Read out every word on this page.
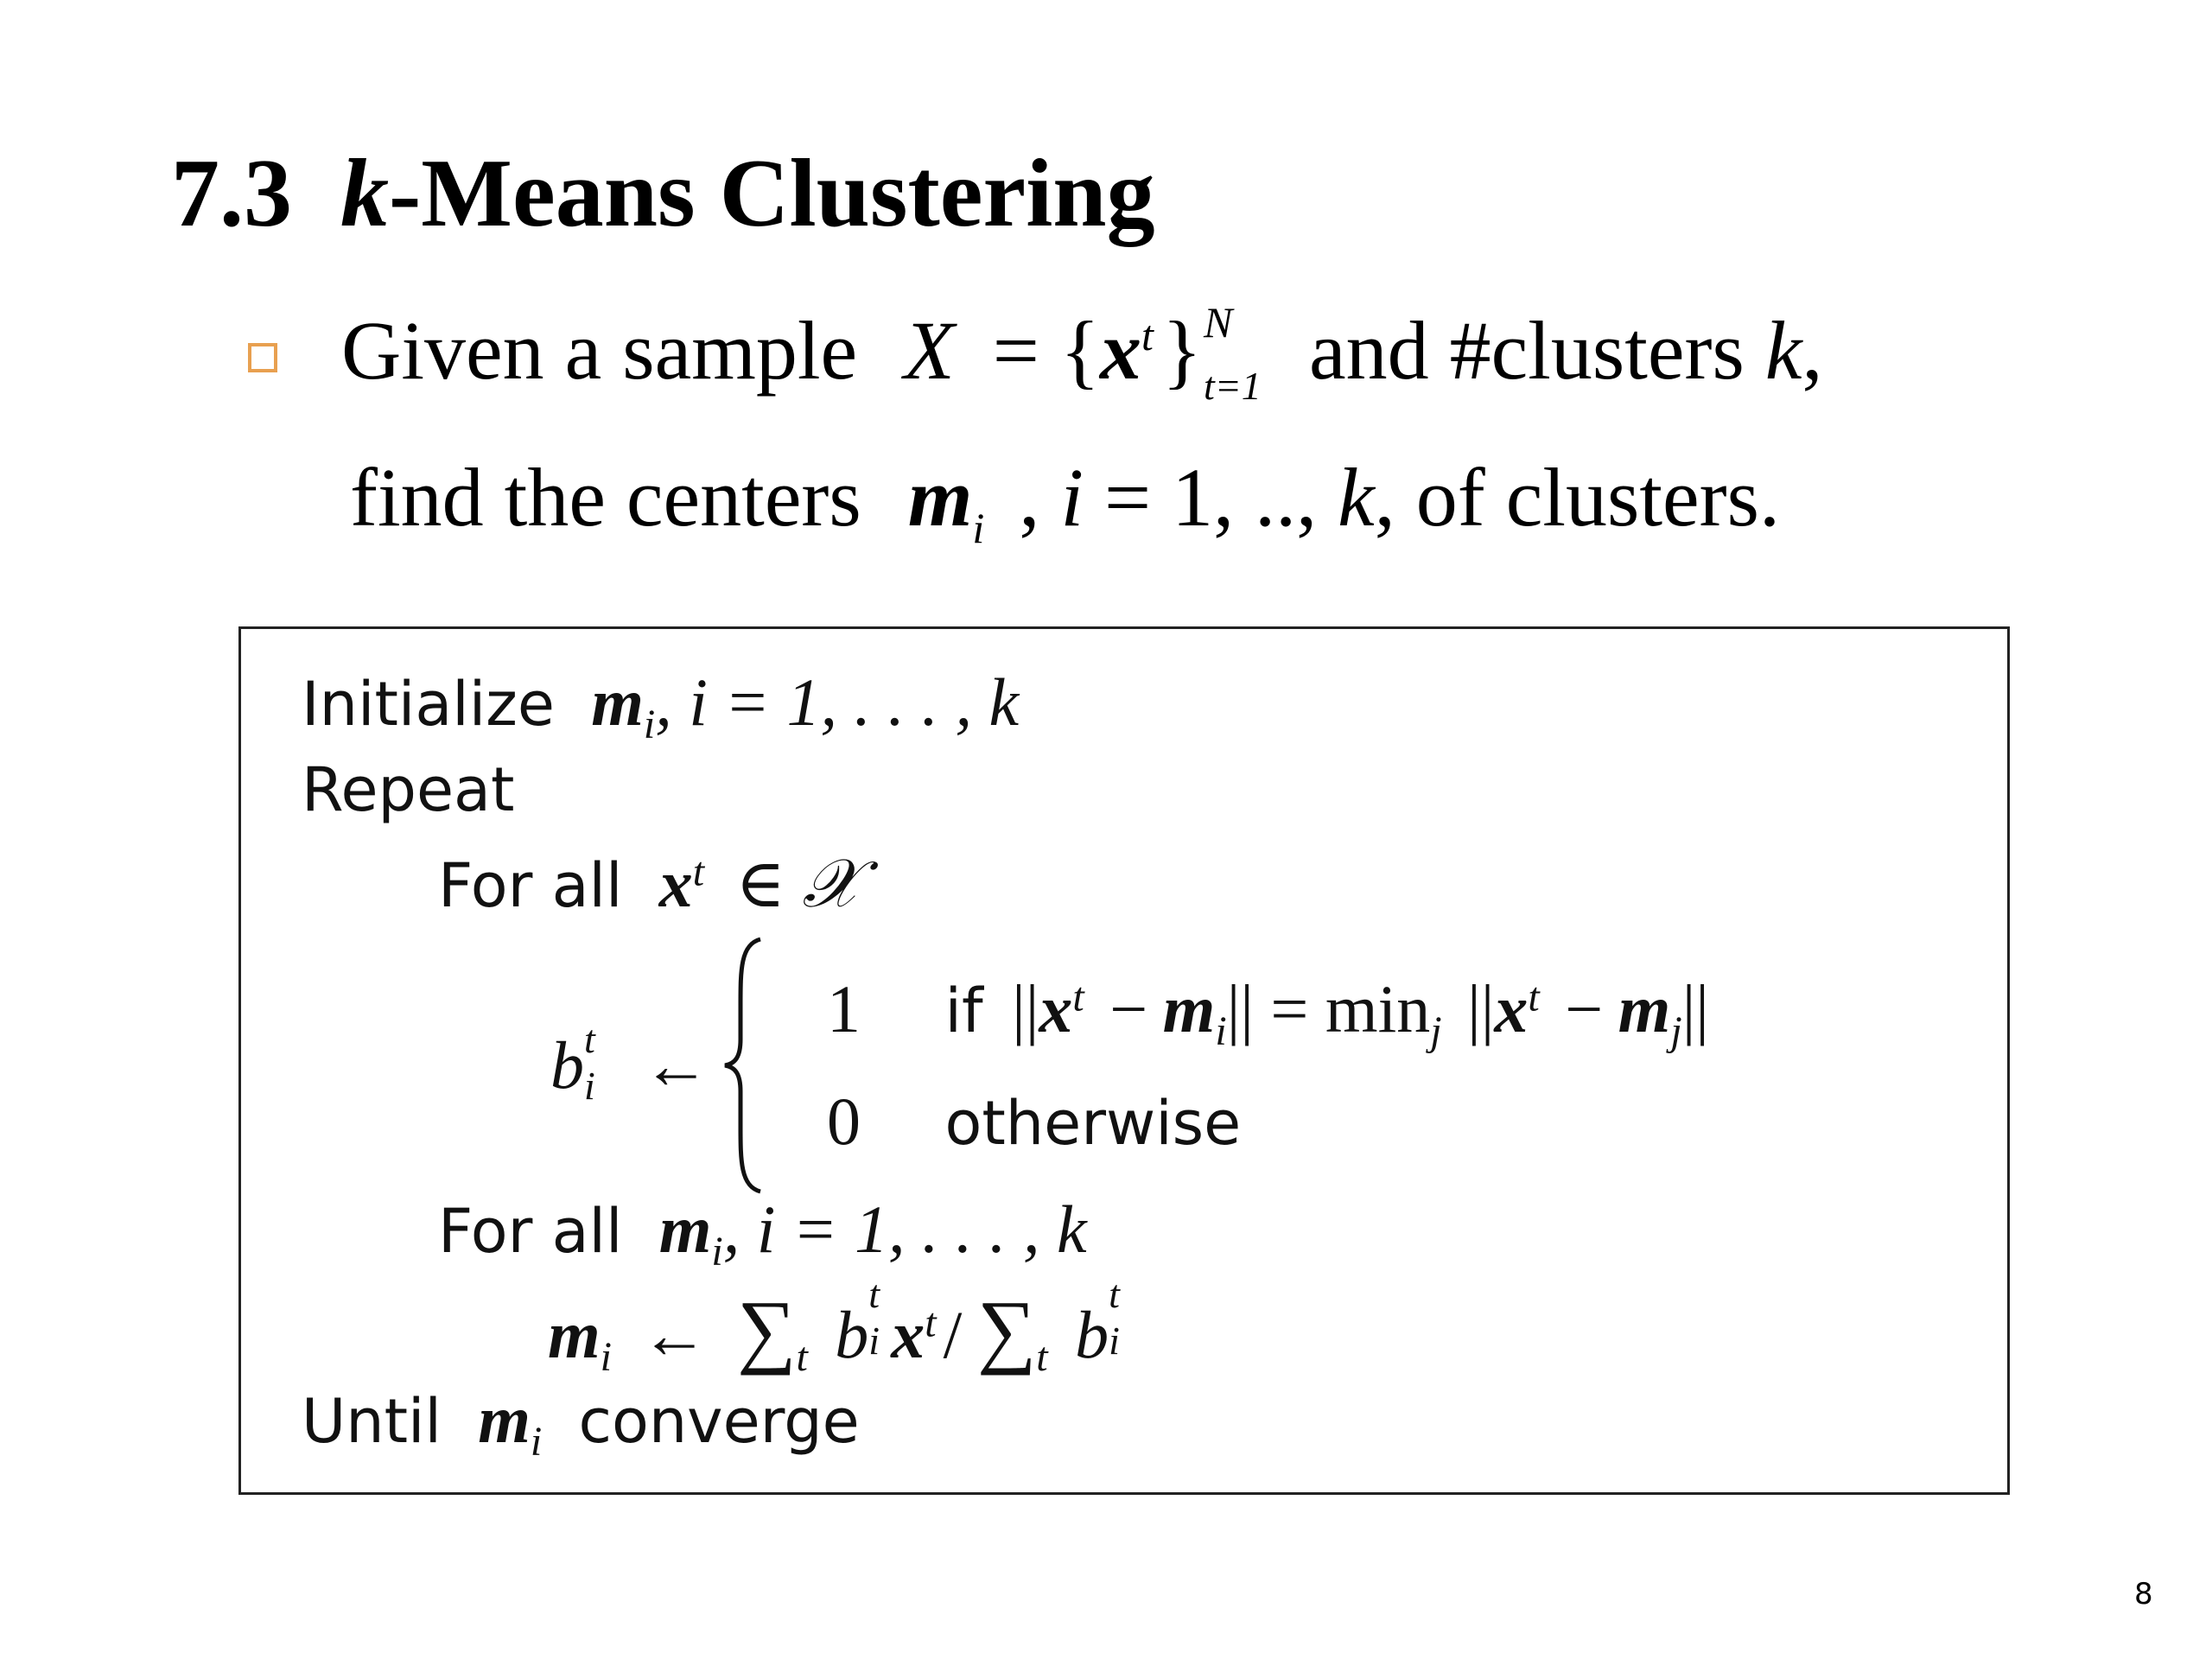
7.3 k-Means Clustering
Given a sample $X = \{x^t$ } N
t=1 and #clusters k,
find the centers $m_i$ , i = 1, .., k, of clusters.
Initialize $m_i$, i = 1, . . . , k
Repeat
For all $x^t$ ∈ 𝒳
b t
i ←
1 if $||x^t - m_i|| = \min_j ||x^t - m_j||$
0 otherwise
For all $m_i$, i = 1, . . . , k
$m_i$ ← $\sum_t$ b
t
i $x^t / \sum_t$ b
t
i
Until $m_i$ converge
8
